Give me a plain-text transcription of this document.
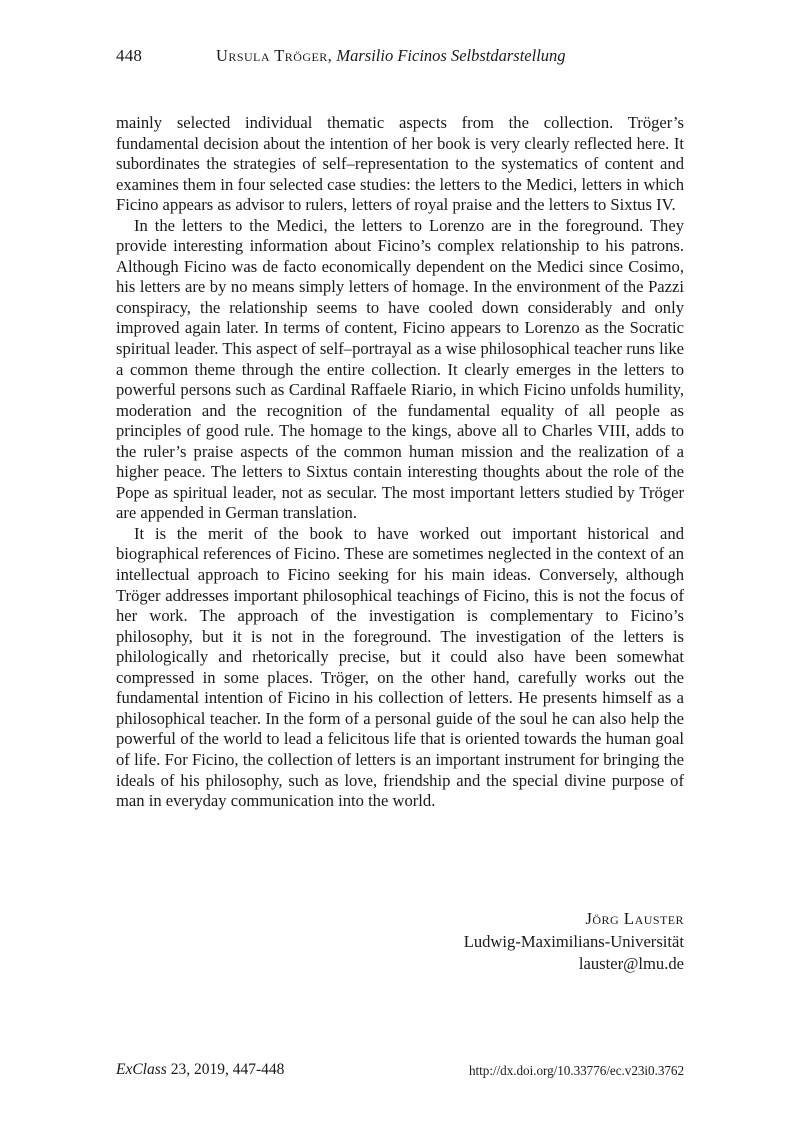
448	Ursula Tröger, Marsilio Ficinos Selbstdarstellung

mainly selected individual thematic aspects from the collection. Tröger’s fundamental decision about the intention of her book is very clearly reflected here. It subordinates the strategies of self–representation to the systematics of content and examines them in four selected case studies: the letters to the Medici, letters in which Ficino appears as advisor to rulers, letters of royal praise and the letters to Sixtus IV.

In the letters to the Medici, the letters to Lorenzo are in the foreground. They provide interesting information about Ficino’s complex relationship to his patrons. Although Ficino was de facto economically dependent on the Medici since Cosimo, his letters are by no means simply letters of homage. In the environment of the Pazzi conspiracy, the relationship seems to have cooled down considerably and only improved again later. In terms of content, Ficino appears to Lorenzo as the Socratic spiritual leader. This aspect of self–portrayal as a wise philosophical teacher runs like a common theme through the entire collection. It clearly emerges in the letters to powerful persons such as Cardinal Raffaele Riario, in which Ficino unfolds humility, moderation and the recognition of the fundamental equality of all people as principles of good rule. The homage to the kings, above all to Charles VIII, adds to the ruler’s praise aspects of the common human mission and the realization of a higher peace. The letters to Sixtus contain interesting thoughts about the role of the Pope as spiritual leader, not as secular. The most important letters studied by Tröger are appended in German translation.

It is the merit of the book to have worked out important historical and biographical references of Ficino. These are sometimes neglected in the context of an intellectual approach to Ficino seeking for his main ideas. Conversely, although Tröger addresses important philosophical teachings of Ficino, this is not the focus of her work. The approach of the investigation is complementary to Ficino’s philosophy, but it is not in the foreground. The investigation of the letters is philologically and rhetorically precise, but it could also have been somewhat compressed in some places. Tröger, on the other hand, carefully works out the fundamental intention of Ficino in his collection of letters. He presents himself as a philosophical teacher. In the form of a personal guide of the soul he can also help the powerful of the world to lead a felicitous life that is oriented towards the human goal of life. For Ficino, the collection of letters is an important instrument for bringing the ideals of his philosophy, such as love, friendship and the special divine purpose of man in everyday communication into the world.

Jörg Lauster
Ludwig-Maximilians-Universität
lauster@lmu.de
ExClass 23, 2019, 447-448	http://dx.doi.org/10.33776/ec.v23i0.3762
